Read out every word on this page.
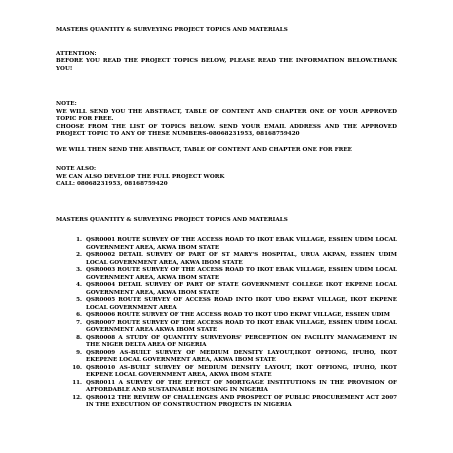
MASTERS QUANTITY & SURVEYING PROJECT TOPICS AND MATERIALS
ATTENTION:

BEFORE YOU READ THE PROJECT TOPICS BELOW, PLEASE READ THE INFORMATION BELOW.THANK YOU!

NOTE:

WE WILL SEND YOU THE ABSTRACT, TABLE OF CONTENT AND CHAPTER ONE OF YOUR APPROVED TOPIC FOR FREE.

CHOOSE FROM THE LIST OF TOPICS BELOW. SEND YOUR EMAIL ADDRESS AND THE APPROVED PROJECT TOPIC TO ANY OF THESE NUMBERS-08068231953, 08168759420

WE WILL THEN SEND THE ABSTRACT, TABLE OF CONTENT AND CHAPTER ONE FOR FREE

NOTE ALSO:
WE CAN ALSO DEVELOP THE FULL PROJECT WORK
CALL: 08068231953, 08168759420
MASTERS QUANTITY & SURVEYING PROJECT TOPICS AND MATERIALS
1. QSR0001 ROUTE SURVEY OF THE ACCESS ROAD TO IKOT EBAK VILLAGE, ESSIEN UDIM LOCAL GOVERNMENT AREA, AKWA IBOM STATE
2. QSR0002 DETAIL SURVEY OF PART OF ST MARY'S HOSPITAL, URUA AKPAN, ESSIEN UDIM LOCAL GOVERNMENT AREA, AKWA IBOM STATE
3. QSR0003 ROUTE SURVEY OF THE ACCESS ROAD TO IKOT EBAK VILLAGE, ESSIEN UDIM LOCAL GOVERNMENT AREA, AKWA IBOM STATE
4. QSR0004 DETAIL SURVEY OF PART OF STATE GOVERNMENT COLLEGE IKOT EKPENE LOCAL GOVERNMENT AREA, AKWA IBOM STATE
5. QSR0005 ROUTE SURVEY OF ACCESS ROAD INTO IKOT UDO EKPAT VILLAGE, IKOT EKPENE LOCAL GOVERNMENT AREA
6. QSR0006 ROUTE SURVEY OF THE ACCESS ROAD TO IKOT UDO EKPAT VILLAGE, ESSIEN UDIM
7. QSR0007 ROUTE SURVEY OF THE ACCESS ROAD TO IKOT EBAK VILLAGE, ESSIEN UDIM LOCAL GOVERNMENT AREA AKWA IBOM STATE
8. QSR0008 A STUDY OF QUANTITY SURVEYORS' PERCEPTION ON FACILITY MANAGEMENT IN THE NIGER DELTA AREA OF NIGERIA
9. QSR0009 AS-BUILT SURVEY OF MEDIUM DENSITY LAYOUT,IKOT OFFIONG, IFUHO, IKOT EKEPENE LOCAL GOVERNMENT AREA, AKWA IBOM STATE
10. QSR0010 AS-BUILT SURVEY OF MEDIUM DENSITY LAYOUT, IKOT OFFIONG, IFUHO, IKOT EKPENE LOCAL GOVERNMENT AREA, AKWA IBOM STATE
11. QSR0011 A SURVEY OF THE EFFECT OF MORTGAGE INSTITUTIONS IN THE PROVISION OF AFFORDABLE AND SUSTAINABLE HOUSING IN NIGERIA
12. QSR0012 THE REVIEW OF CHALLENGES AND PROSPECT OF PUBLIC PROCUREMENT ACT 2007 IN THE EXECUTION OF CONSTRUCTION PROJECTS IN NIGERIA
